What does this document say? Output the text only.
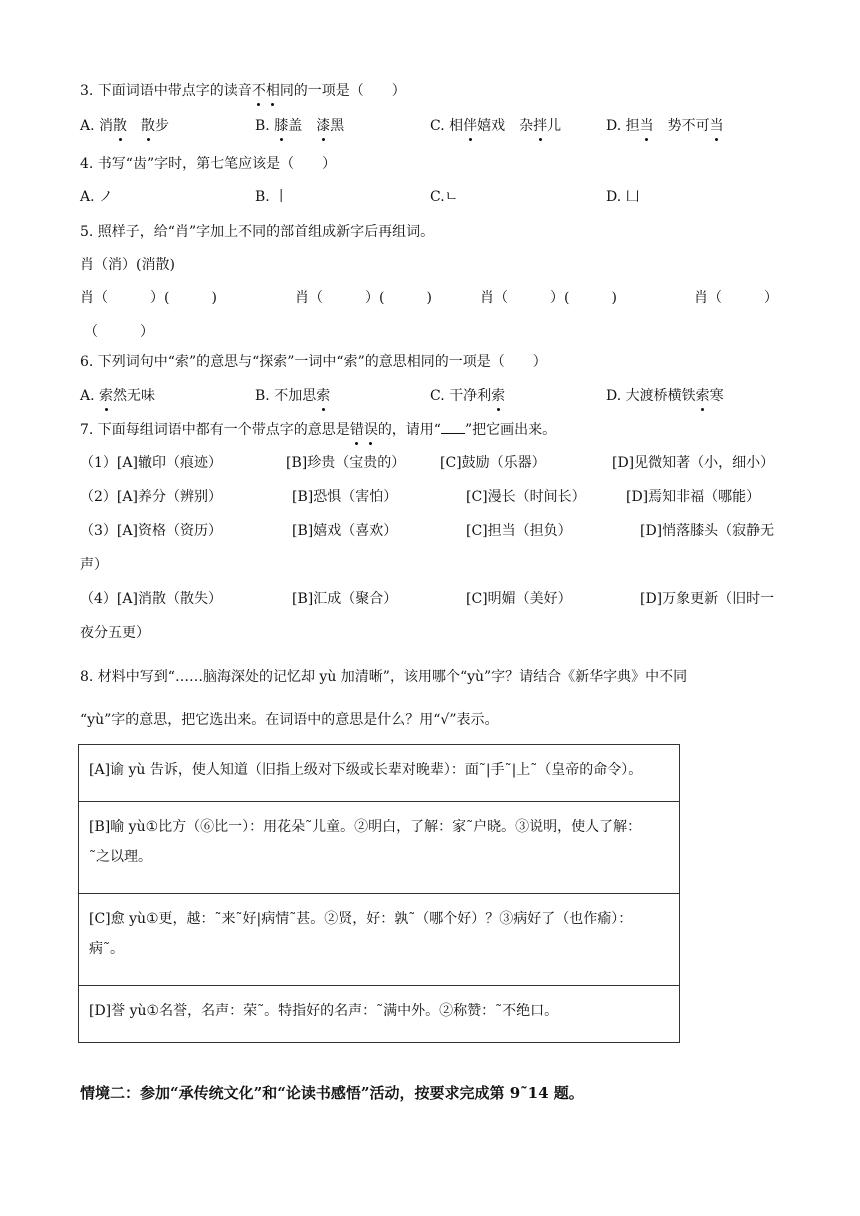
3. 下面词语中带点字的读音不相同的一项是（　　）
A. 消散　 散步	B. 膝盖　 漆黑	C. 相伴嬉戏　 杂拌儿	D. 担当　 势不可当
4. 书写“齿”字时，第七笔应该是（　　）
A. ノ	B. 丨	C.ㄴ	D. 凵
5. 照样子，给“肖”字加上不同的部首组成新字后再组词。
肖（消）(消散)
肖（　　　）(　　　)	肖（　　　）(　　　)	肖（　　　）(　　　)	肖（　　　）
（　　　）
6. 下列词句中“索”的意思与“探索”一词中“索”的意思相同的一项是（　　）
A. 索然无味	B. 不加思索	C. 干净利索	D. 大渡桥横铁索寒
7. 下面每组词语中都有一个带点字的意思是错误的，请用“ ”把它画出来。
（1）[A]辙印（痕迹）	[B]珍贵（宝贵的） [C]鼓励（乐器）	[D]见微知著（小，细小）
（2）[A]养分（辨别）	[B]恐惧（害怕）	[C]漫长（时间长）	[D]焉知非福（哪能）
（3）[A]资格（资历）	[B]嬉戏（喜欢）	[C]担当（担负）	[D]悄落膝头（寂静无
声）
（4）[A]消散（散失）	[B]汇成（聚合）	[C]明媚（美好）	[D]万象更新（旧时一
夜分五更）
8. 材料中写到“……脑海深处的记忆却 yù 加清晰”，该用哪个“yù”字？请结合《新华字典》中不同
“yù”字的意思，把它选出来。在词语中的意思是什么？用“√”表示。
[A]谕 yù 告诉，使人知道（旧指上级对下级或长辈对晚辈）：面˜|手˜|上˜（皇帝的命令）。

[B]喻 yù①比方（⑥比一）：用花朵˜儿童。②明白，了解：家˜户晓。③说明，使人了解：
˜之以理。

[C]愈 yù①更，越：˜来˜好|病情˜甚。②贤，好：孰˜（哪个好）？③病好了（也作瘉）：
病˜。

[D]誉 yù①名誉，名声：荣˜。特指好的名声：˜满中外。②称赞：˜不绝口。
情境二：参加“承传统文化”和“论读书感悟”活动，按要求完成第 9˜14 题。
